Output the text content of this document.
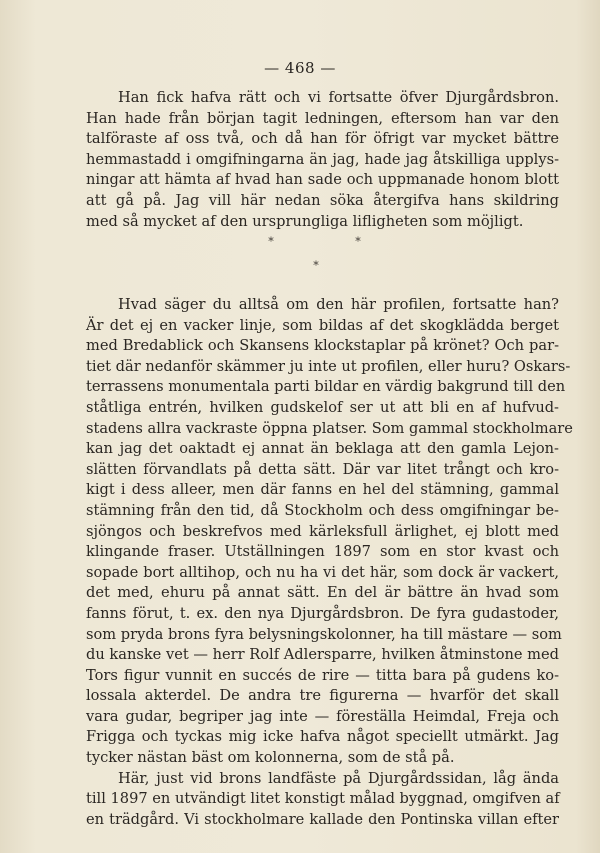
— 468 —
Han fick hafva rätt och vi fortsatte öfver Djurgårdsbron.
Han hade från början tagit ledningen, eftersom han var den
talföraste af oss två, och då han för öfrigt var mycket bättre
hemmastadd i omgifningarna än jag, hade jag åtskilliga upplys-
ningar att hämta af hvad han sade och uppmanade honom blott
att gå på. Jag vill här nedan söka återgifva hans skildring
med så mycket af den ursprungliga lifligheten som möjligt.
*	*
*
Hvad säger du alltså om den här profilen, fortsatte han?
Är det ej en vacker linje, som bildas af det skogklädda berget
med Bredablick och Skansens klockstaplar på krönet? Och par-
tiet där nedanför skämmer ju inte ut profilen, eller huru? Oskars-
terrassens monumentala parti bildar en värdig bakgrund till den
ståtliga entrén, hvilken gudskelof ser ut att bli en af hufvud-
stadens allra vackraste öppna platser. Som gammal stockholmare
kan jag det oaktadt ej annat än beklaga att den gamla Lejon-
slätten förvandlats på detta sätt. Där var litet trångt och kro-
kigt i dess alleer, men där fanns en hel del stämning, gammal
stämning från den tid, då Stockholm och dess omgifningar be-
sjöngos och beskrefvos med kärleksfull ärlighet, ej blott med
klingande fraser. Utställningen 1897 som en stor kvast och
sopade bort alltihop, och nu ha vi det här, som dock är vackert,
det med, ehuru på annat sätt. En del är bättre än hvad som
fanns förut, t. ex. den nya Djurgårdsbron. De fyra gudastoder,
som pryda brons fyra belysningskolonner, ha till mästare — som
du kanske vet — herr Rolf Adlersparre, hvilken åtminstone med
Tors figur vunnit en succés de rire — titta bara på gudens ko-
lossala akterdel. De andra tre figurerna — hvarför det skall
vara gudar, begriper jag inte — föreställa Heimdal, Freja och
Frigga och tyckas mig icke hafva något speciellt utmärkt. Jag
tycker nästan bäst om kolonnerna, som de stå på.
Här, just vid brons landfäste på Djurgårdssidan, låg ända
till 1897 en utvändigt litet konstigt målad byggnad, omgifven af
en trädgård. Vi stockholmare kallade den Pontinska villan efter
